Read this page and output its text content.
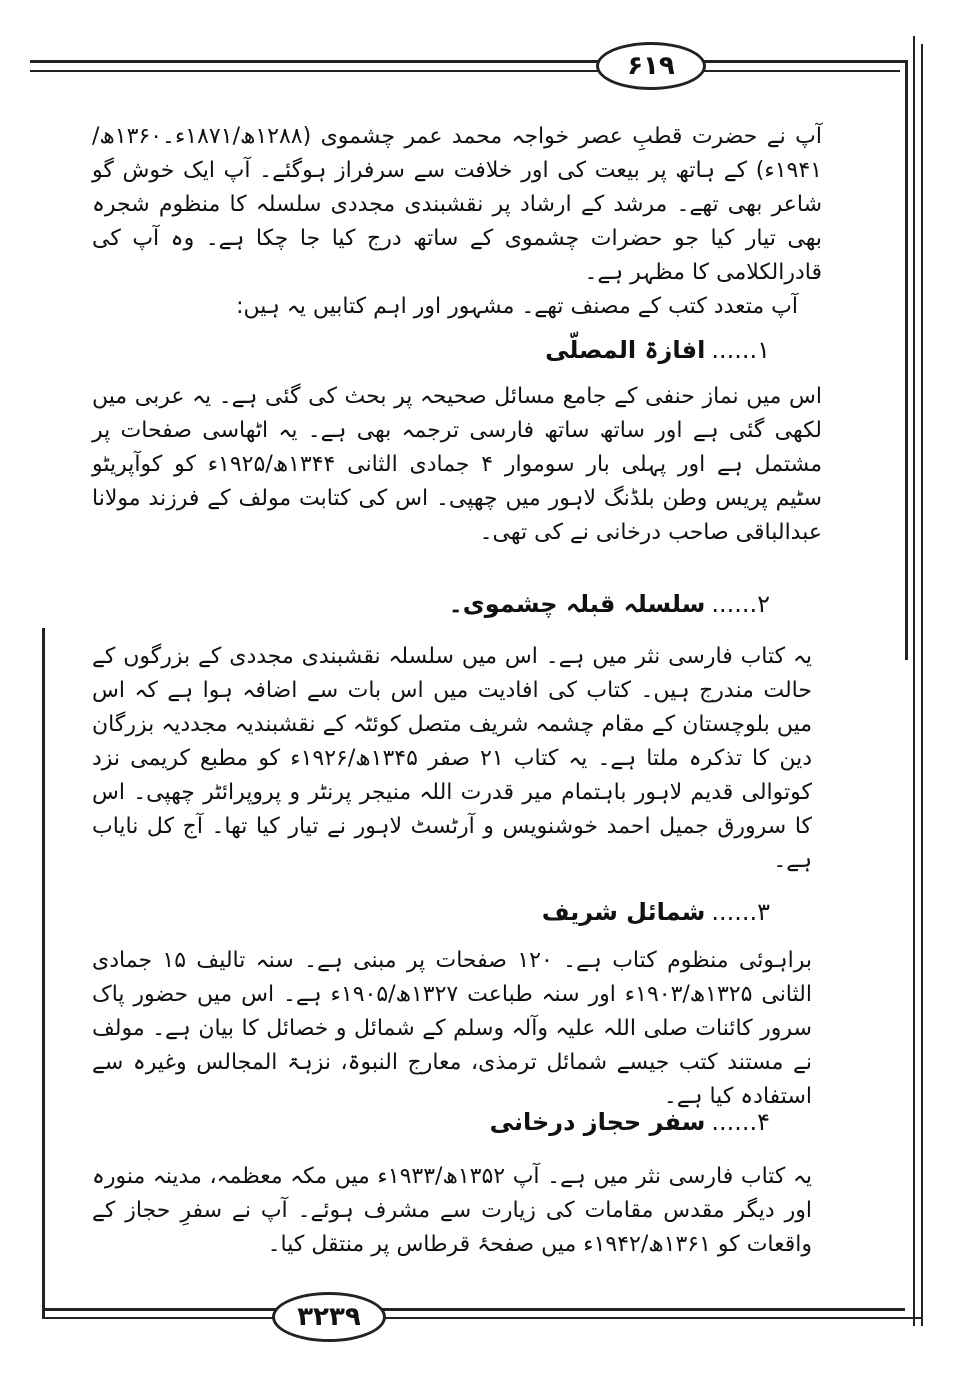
۶۱۹
۳۲۳۹

آپ نے حضرت قطبِ عصر خواجہ محمد عمر چشموی (۱۲۸۸ھ/۱۸۷۱ء۔۱۳۶۰ھ/۱۹۴۱ء) کے ہاتھ پر بیعت کی اور خلافت سے سرفراز ہوگئے۔ آپ ایک خوش گو شاعر بھی تھے۔ مرشد کے ارشاد پر نقشبندی مجددی سلسلہ کا منظوم شجرہ بھی تیار کیا جو حضرات چشموی کے ساتھ درج کیا جا چکا ہے۔ وہ آپ کی قادرالکلامی کا مظہر ہے۔

آپ متعدد کتب کے مصنف تھے۔ مشہور اور اہم کتابیں یہ ہیں:

۱......
افازۃ المصلّی

اس میں نماز حنفی کے جامع مسائل صحیحہ پر بحث کی گئی ہے۔ یہ عربی میں لکھی گئی ہے اور ساتھ ساتھ فارسی ترجمہ بھی ہے۔ یہ اٹھاسی صفحات پر مشتمل ہے اور پہلی بار سوموار ۴ جمادی الثانی ۱۳۴۴ھ/۱۹۲۵ء کو کوآپریٹو سٹیم پریس وطن بلڈنگ لاہور میں چھپی۔ اس کی کتابت مولف کے فرزند مولانا عبدالباقی صاحب درخانی نے کی تھی۔

۲......
سلسلہ قبلہ چشموی۔

یہ کتاب فارسی نثر میں ہے۔ اس میں سلسلہ نقشبندی مجددی کے بزرگوں کے حالت مندرج ہیں۔ کتاب کی افادیت میں اس بات سے اضافہ ہوا ہے کہ اس میں بلوچستان کے مقام چشمہ شریف متصل کوئٹہ کے نقشبندیہ مجددیہ بزرگان دین کا تذکرہ ملتا ہے۔ یہ کتاب ۲۱ صفر ۱۳۴۵ھ/۱۹۲۶ء کو مطبع کریمی نزد کوتوالی قدیم لاہور باہتمام میر قدرت اللہ منیجر پرنٹر و پروپرائٹر چھپی۔ اس کا سرورق جمیل احمد خوشنویس و آرٹسٹ لاہور نے تیار کیا تھا۔ آج کل نایاب ہے۔

۳......
شمائل شریف

براہوئی منظوم کتاب ہے۔ ۱۲۰ صفحات پر مبنی ہے۔ سنہ تالیف ۱۵ جمادی الثانی ۱۳۲۵ھ/۱۹۰۳ء اور سنہ طباعت ۱۳۲۷ھ/۱۹۰۵ء ہے۔ اس میں حضور پاک سرور کائنات صلی اللہ علیہ وآلہ وسلم کے شمائل و خصائل کا بیان ہے۔ مولف نے مستند کتب جیسے شمائل ترمذی، معارج النبوۃ، نزہۃ المجالس وغیرہ سے استفادہ کیا ہے۔

۴......
سفر حجاز درخانی

یہ کتاب فارسی نثر میں ہے۔ آپ ۱۳۵۲ھ/۱۹۳۳ء میں مکہ معظمہ، مدینہ منورہ اور دیگر مقدس مقامات کی زیارت سے مشرف ہوئے۔ آپ نے سفرِ حجاز کے واقعات کو ۱۳۶۱ھ/۱۹۴۲ء میں صفحۂ قرطاس پر منتقل کیا۔
